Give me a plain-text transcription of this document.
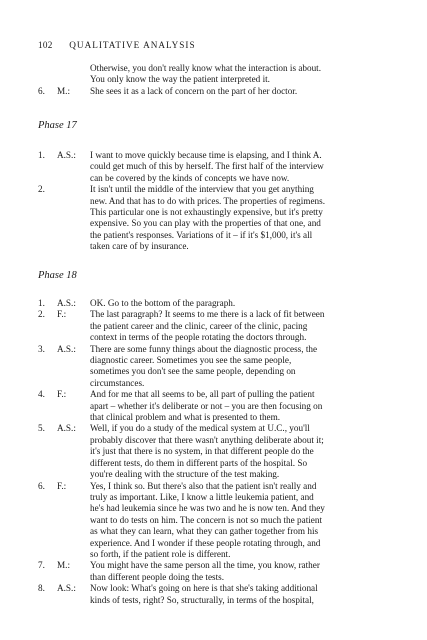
102 QUALITATIVE ANALYSIS
Otherwise, you don't really know what the interaction is about.
You only know the way the patient interpreted it.
6.	M.:	She sees it as a lack of concern on the part of her doctor.
Phase 17
1.	A.S.:	I want to move quickly because time is elapsing, and I think A.
could get much of this by herself. The first half of the interview
can be covered by the kinds of concepts we have now.
2.	It isn't until the middle of the interview that you get anything
new. And that has to do with prices. The properties of regimens.
This particular one is not exhaustingly expensive, but it's pretty
expensive. So you can play with the properties of that one, and
the patient's responses. Variations of it – if it's $1,000, it's all
taken care of by insurance.
Phase 18
1.	A.S.:	OK. Go to the bottom of the paragraph.
2.	F.:	The last paragraph? It seems to me there is a lack of fit between
the patient career and the clinic, career of the clinic, pacing
context in terms of the people rotating the doctors through.
3.	A.S.:	There are some funny things about the diagnostic process, the
diagnostic career. Sometimes you see the same people,
sometimes you don't see the same people, depending on
circumstances.
4.	F.:	And for me that all seems to be, all part of pulling the patient
apart – whether it's deliberate or not – you are then focusing on
that clinical problem and what is presented to them.
5.	A.S.:	Well, if you do a study of the medical system at U.C., you'll
probably discover that there wasn't anything deliberate about it;
it's just that there is no system, in that different people do the
different tests, do them in different parts of the hospital. So
you're dealing with the structure of the test making.
6.	F.:	Yes, I think so. But there's also that the patient isn't really and
truly as important. Like, I know a little leukemia patient, and
he's had leukemia since he was two and he is now ten. And they
want to do tests on him. The concern is not so much the patient
as what they can learn, what they can gather together from his
experience. And I wonder if these people rotating through, and
so forth, if the patient role is different.
7.	M.:	You might have the same person all the time, you know, rather
than different people doing the tests.
8.	A.S.:	Now look: What's going on here is that she's taking additional
kinds of tests, right? So, structurally, in terms of the hospital,
